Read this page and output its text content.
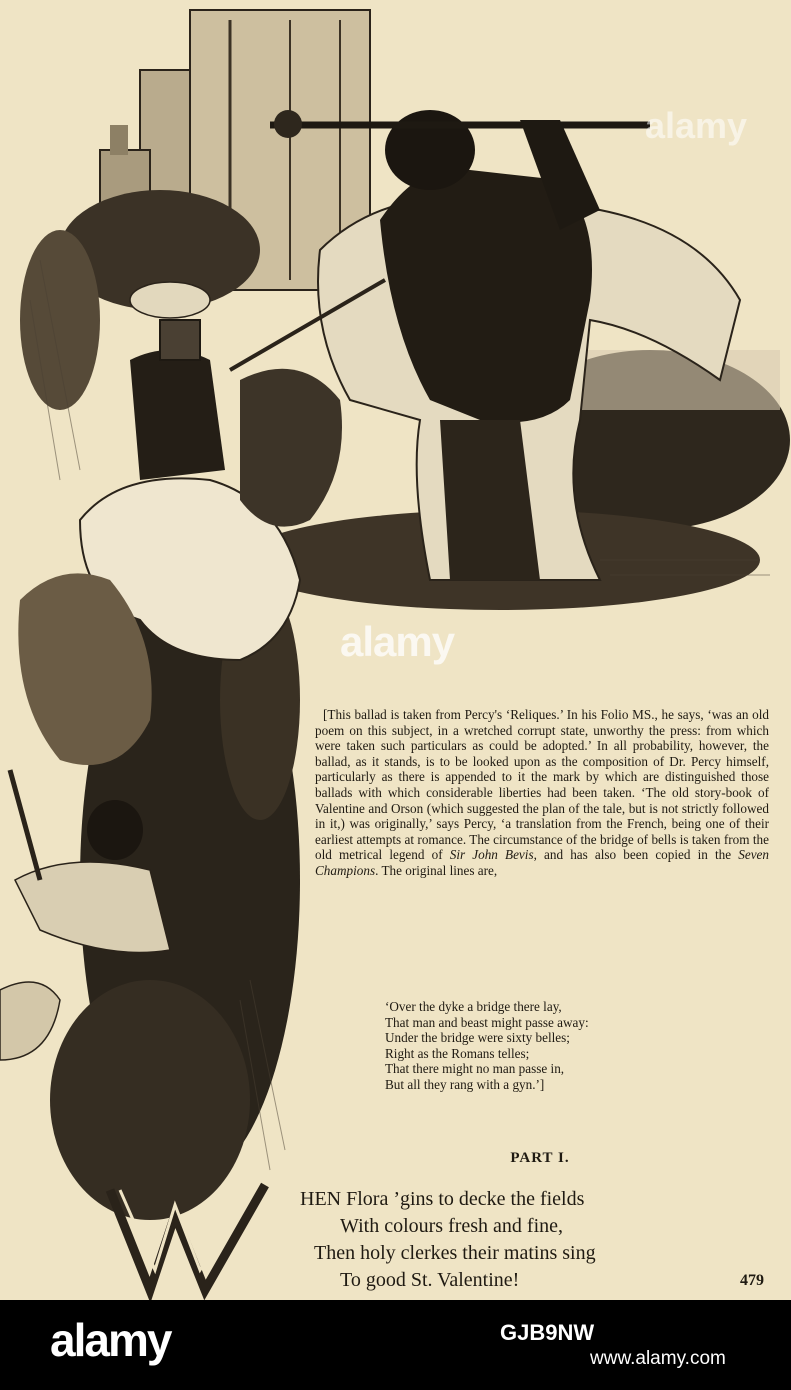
alamy
alamy

[This ballad is taken from Percy's ‘Reliques.’ In his Folio MS., he says, ‘was an old poem on this subject, in a wretched corrupt state, unworthy the press: from which were taken such particulars as could be adopted.’ In all probability, however, the ballad, as it stands, is to be looked upon as the composition of Dr. Percy himself, particularly as there is appended to it the mark by which are distinguished those ballads with which considerable liberties had been taken. ‘The old story-book of Valentine and Orson (which suggested the plan of the tale, but is not strictly followed in it,) was originally,’ says Percy, ‘a translation from the French, being one of their earliest attempts at romance. The circumstance of the bridge of bells is taken from the old metrical legend of Sir John Bevis, and has also been copied in the Seven Champions. The original lines are,

‘Over the dyke a bridge there lay,
That man and beast might passe away:
Under the bridge were sixty belles;
Right as the Romans telles;
That there might no man passe in,
But all they rang with a gyn.’]
PART I.
HEN Flora ’gins to decke the fields
With colours fresh and fine,
Then holy clerkes their matins sing
To good St. Valentine!	479
alamy	GJB9NW
www.alamy.com
